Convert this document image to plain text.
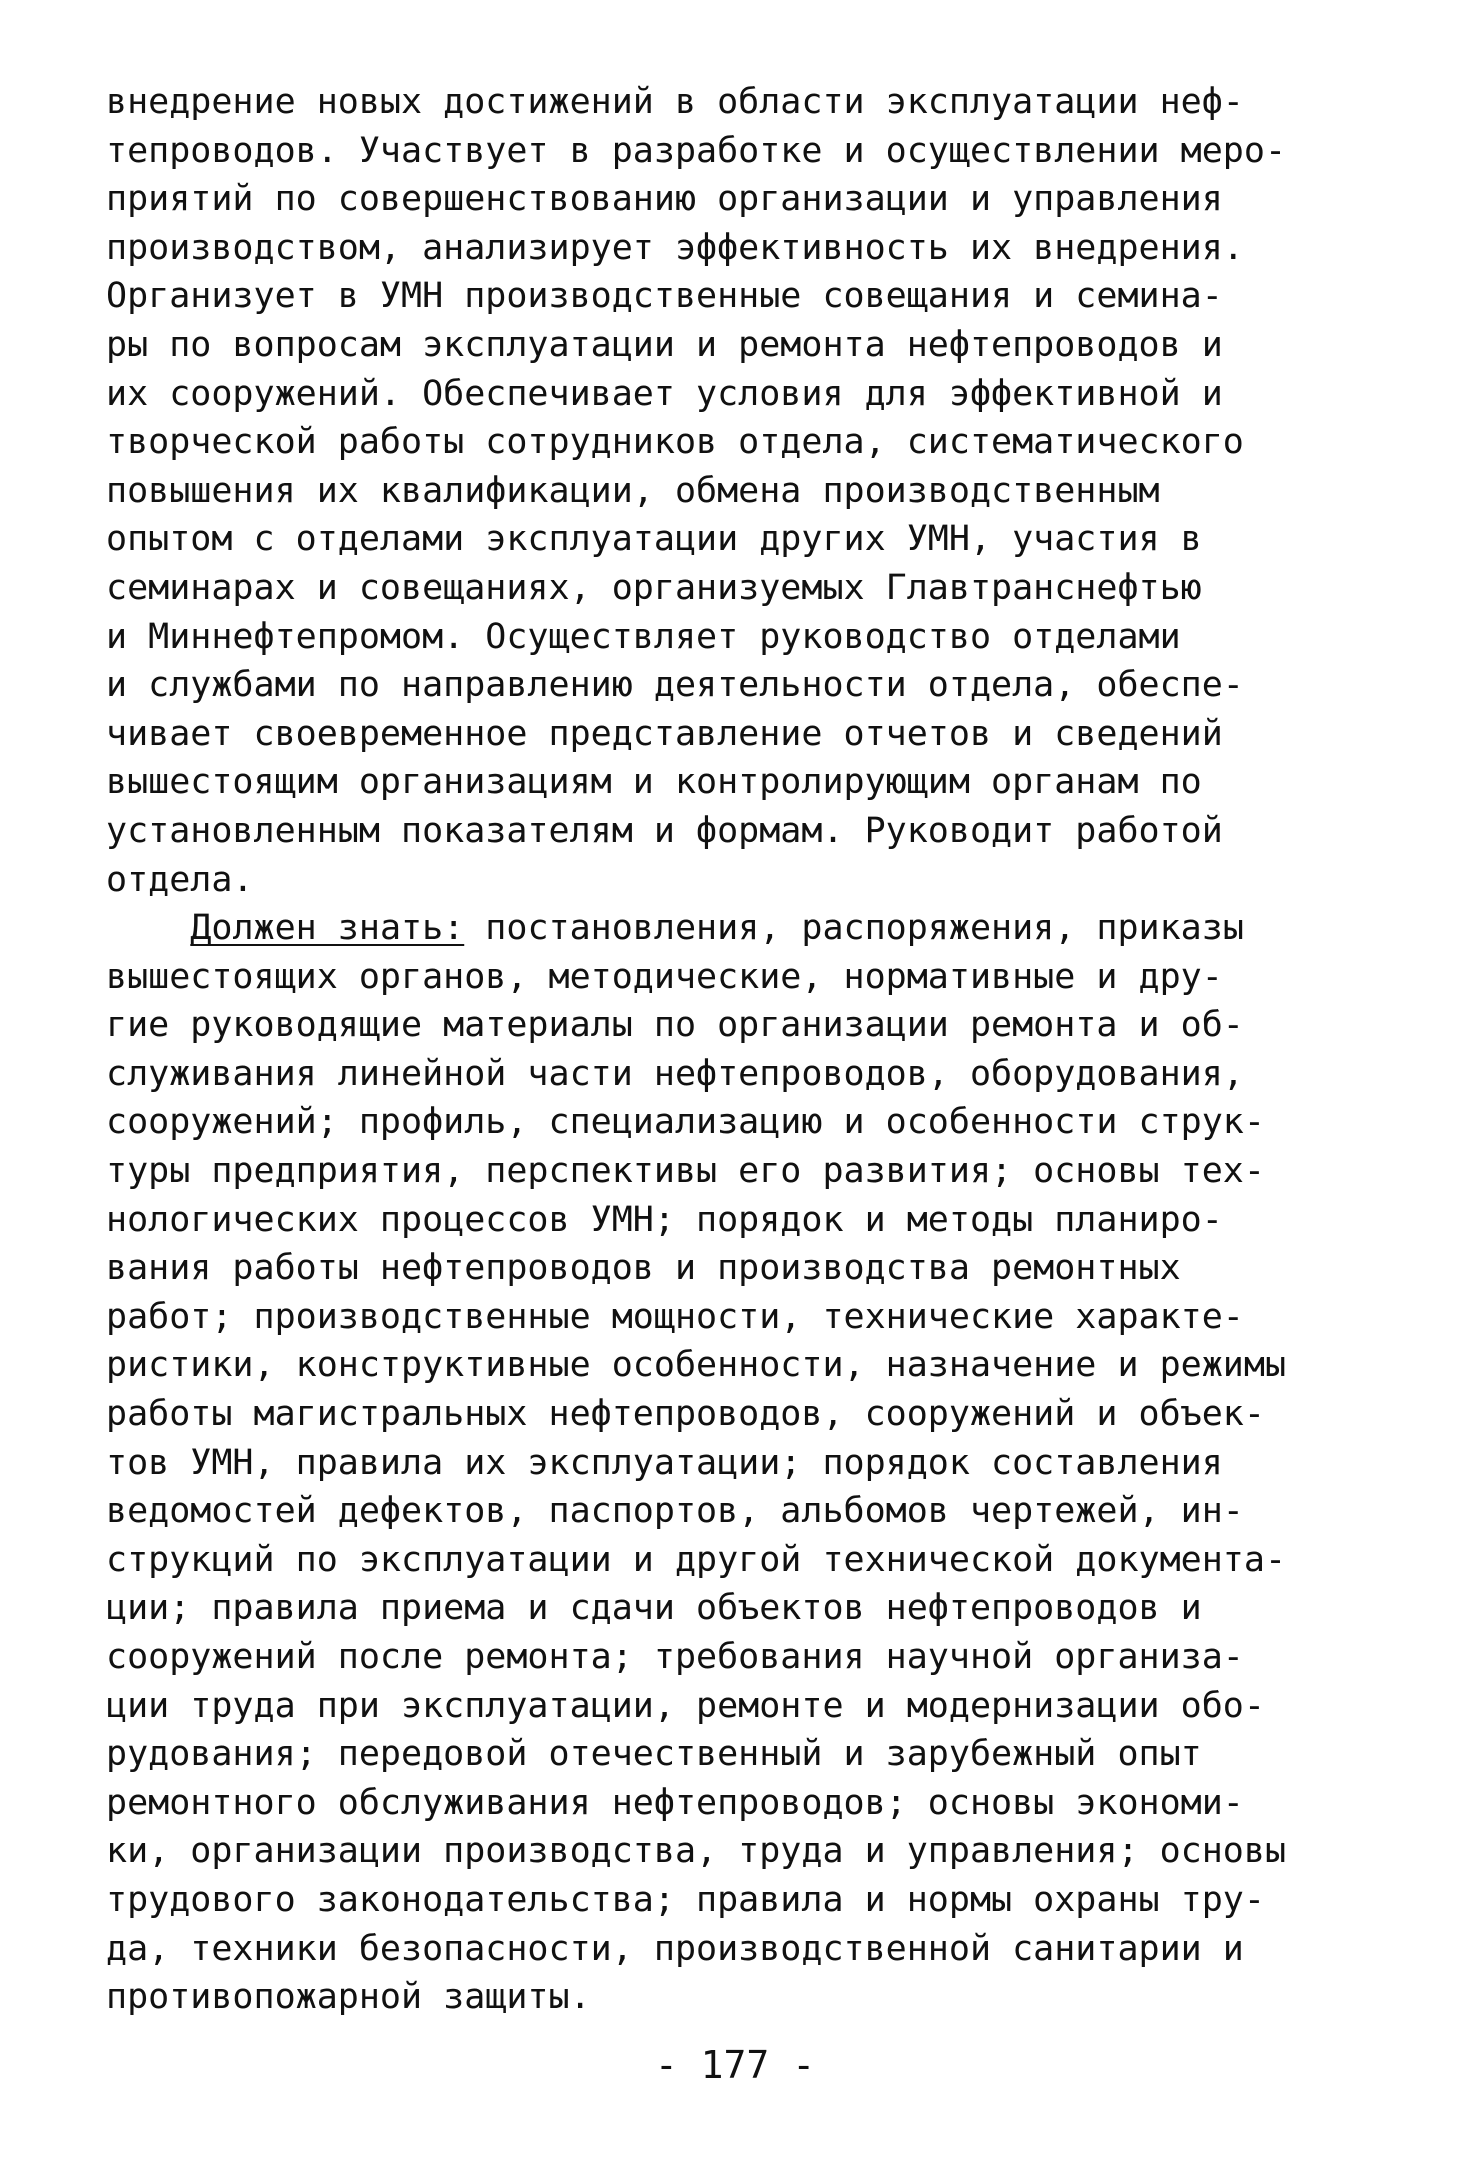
внедрение новых достижений в области эксплуатации неф-
тепроводов. Участвует в разработке и осуществлении меро-
приятий по совершенствованию организации и управления
производством, анализирует эффективность их внедрения.
Организует в УМН производственные совещания и семина-
ры по вопросам эксплуатации и ремонта нефтепроводов и
их сооружений. Обеспечивает условия для эффективной и
творческой работы сотрудников отдела, систематического
повышения их квалификации, обмена производственным
опытом с отделами эксплуатации других УМН, участия в
семинарах и совещаниях, организуемых Главтранснефтью
и Миннефтепромом. Осуществляет руководство отделами
и службами по направлению деятельности отдела, обеспе-
чивает своевременное представление отчетов и сведений
вышестоящим организациям и контролирующим органам по
установленным показателям и формам. Руководит работой
отдела.
Должен знать: постановления, распоряжения, приказы
вышестоящих органов, методические, нормативные и дру-
гие руководящие материалы по организации ремонта и об-
служивания линейной части нефтепроводов, оборудования,
сооружений; профиль, специализацию и особенности струк-
туры предприятия, перспективы его развития; основы тех-
нологических процессов УМН; порядок и методы планиро-
вания работы нефтепроводов и производства ремонтных
работ; производственные мощности, технические характе-
ристики, конструктивные особенности, назначение и режимы
работы магистральных нефтепроводов, сооружений и объек-
тов УМН, правила их эксплуатации; порядок составления
ведомостей дефектов, паспортов, альбомов чертежей, ин-
струкций по эксплуатации и другой технической документа-
ции; правила приема и сдачи объектов нефтепроводов и
сооружений после ремонта; требования научной организа-
ции труда при эксплуатации, ремонте и модернизации обо-
рудования; передовой отечественный и зарубежный опыт
ремонтного обслуживания нефтепроводов; основы экономи-
ки, организации производства, труда и управления; основы
трудового законодательства; правила и нормы охраны тру-
да, техники безопасности, производственной санитарии и
противопожарной защиты.
- 177 -
